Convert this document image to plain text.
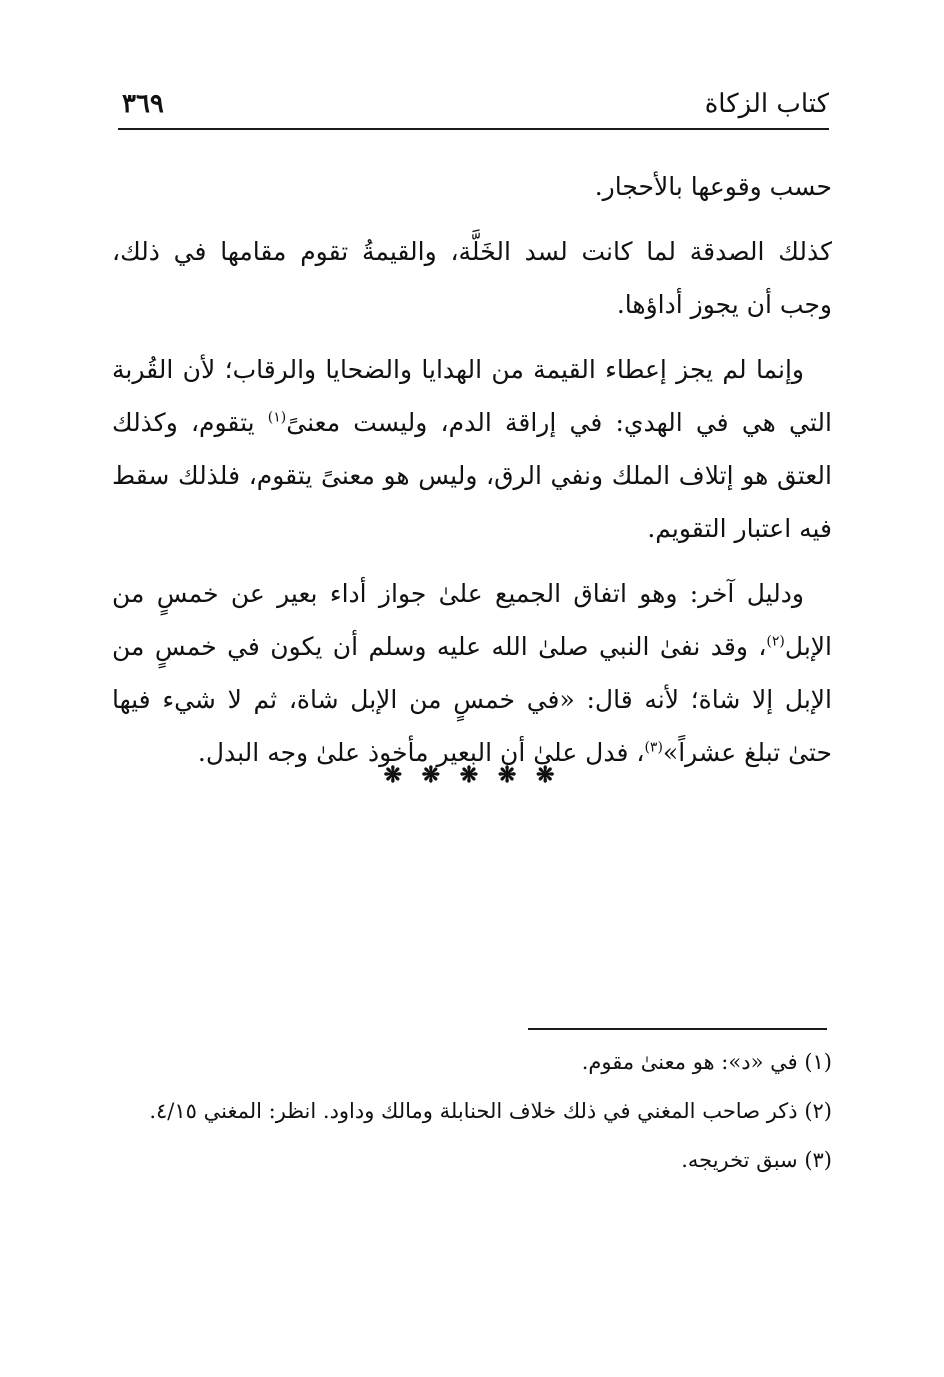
كتاب الزكاة
٣٦٩

حسب وقوعها بالأحجار.

كذلك الصدقة لما كانت لسد الخَلَّة، والقيمةُ تقوم مقامها في ذلك، وجب أن يجوز أداؤها.

وإنما لم يجز إعطاء القيمة من الهدايا والضحايا والرقاب؛ لأن القُربة التي هي في الهدي: في إراقة الدم، وليست معنىً$^{(١)}$ يتقوم، وكذلك العتق هو إتلاف الملك ونفي الرق، وليس هو معنىً يتقوم، فلذلك سقط فيه اعتبار التقويم.

ودليل آخر: وهو اتفاق الجميع علىٰ جواز أداء بعير عن خمسٍ من الإبل$^{(٢)}$، وقد نفىٰ النبي صلىٰ الله عليه وسلم أن يكون في خمسٍ من الإبل إلا شاة؛ لأنه قال: «في خمسٍ من الإبل شاة، ثم لا شيء فيها حتىٰ تبلغ عشراً»$^{(٣)}$، فدل علىٰ أن البعير مأخوذ علىٰ وجه البدل.

❋ ❋ ❋ ❋ ❋

(١) في «د»: هو معنىٰ مقوم.

(٢) ذكر صاحب المغني في ذلك خلاف الحنابلة ومالك وداود. انظر: المغني ٤/١٥.

(٣) سبق تخريجه.
